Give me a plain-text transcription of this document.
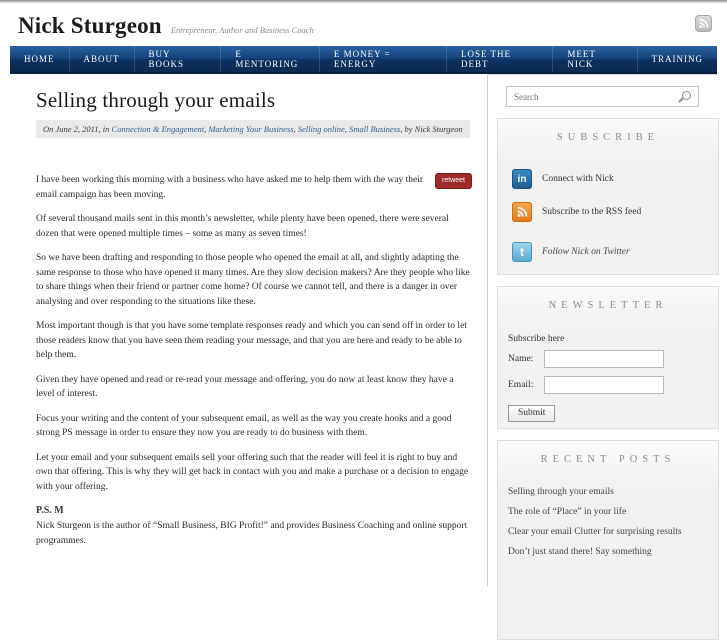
Nick Sturgeon Entrepreneur, Author and Business Coach
HOME	ABOUT	BUY BOOKS
E MENTORING
E MONEY = ENERGY
LOSE THE DEBT
MEET NICK	TRAINING
Selling through your emails

On June 2, 2011, in Connection & Engagement, Marketing Your Business, Selling online, Small Business, by Nick Sturgeon

retweet

I have been working this morning with a business who have asked me to help them with the way their email campaign has been moving.

Of several thousand mails sent in this month’s newsletter, while plenty have been opened, there were several dozen that were opened multiple times – some as many as seven times!

So we have been drafting and responding to those people who opened the email at all, and slightly adapting the same response to those who have opened it many times. Are they slow decision makers? Are they people who like to share things when their friend or partner come home? Of course we cannot tell, and there is a danger in over analysing and over responding to the situations like these.

Most important though is that you have some template responses ready and which you can send off in order to let those readers know that you have seen them reading your message, and that you are here and ready to be able to help them.

Given they have opened and read or re-read your message and offering, you do now at least know they have a level of interest.

Focus your writing and the content of your subsequent email, as well as the way you create hooks and a good strong PS message in order to ensure they now you are ready to do business with them.

Let your email and your subsequent emails sell your offering such that the reader will feel it is right to buy and own that offering. This is why they will get back in contact with you and make a purchase or a decision to engage with your offering.

P.S. M

Nick Sturgeon is the author of “Small Business, BIG Profit!” and provides Business Coaching and online support programmes.

Search
SUBSCRIBE
in	Connect with Nick
Subscribe to the RSS feed
t	Follow Nick on Twitter
NEWSLETTER
Subscribe here
Name:
Email:
Submit
RECENT POSTS
Selling through your emails
The role of “Place” in your life
Clear your email Clutter for surprising results
Don’t just stand there! Say something
